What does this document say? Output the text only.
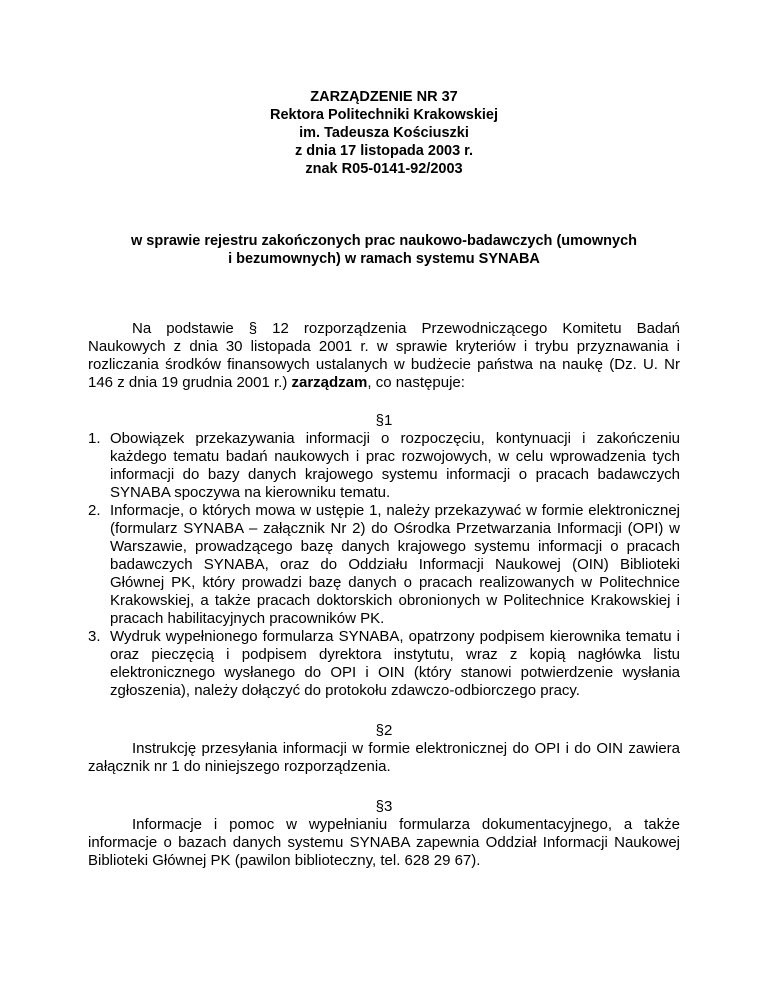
ZARZĄDZENIE NR 37
Rektora Politechniki Krakowskiej
im. Tadeusza Kościuszki
z dnia 17 listopada 2003 r.
znak R05-0141-92/2003
w sprawie rejestru zakończonych prac naukowo-badawczych (umownych
i bezumownych) w ramach systemu SYNABA

Na podstawie § 12 rozporządzenia Przewodniczącego Komitetu Badań Naukowych z dnia 30 listopada 2001 r. w sprawie kryteriów i trybu przyznawania i rozliczania środków finansowych ustalanych w budżecie państwa na naukę (Dz. U. Nr 146 z dnia 19 grudnia 2001 r.) zarządzam, co następuje:

§1
1. Obowiązek przekazywania informacji o rozpoczęciu, kontynuacji i zakończeniu każdego tematu badań naukowych i prac rozwojowych, w celu wprowadzenia tych informacji do bazy danych krajowego systemu informacji o pracach badawczych SYNABA spoczywa na kierowniku tematu.
2. Informacje, o których mowa w ustępie 1, należy przekazywać w formie elektronicznej (formularz SYNABA – załącznik Nr 2) do Ośrodka Przetwarzania Informacji (OPI) w Warszawie, prowadzącego bazę danych krajowego systemu informacji o pracach badawczych SYNABA, oraz do Oddziału Informacji Naukowej (OIN) Biblioteki Głównej PK, który prowadzi bazę danych o pracach realizowanych w Politechnice Krakowskiej, a także pracach doktorskich obronionych w Politechnice Krakowskiej i pracach habilitacyjnych pracowników PK.
3. Wydruk wypełnionego formularza SYNABA, opatrzony podpisem kierownika tematu i oraz pieczęcią i podpisem dyrektora instytutu, wraz z kopią nagłówka listu elektronicznego wysłanego do OPI i OIN (który stanowi potwierdzenie wysłania zgłoszenia), należy dołączyć do protokołu zdawczo-odbiorczego pracy.
§2
Instrukcję przesyłania informacji w formie elektronicznej do OPI i do OIN zawiera załącznik nr 1 do niniejszego rozporządzenia.
§3
Informacje i pomoc w wypełnianiu formularza dokumentacyjnego, a także informacje o bazach danych systemu SYNABA zapewnia Oddział Informacji Naukowej Biblioteki Głównej PK (pawilon biblioteczny, tel. 628 29 67).
